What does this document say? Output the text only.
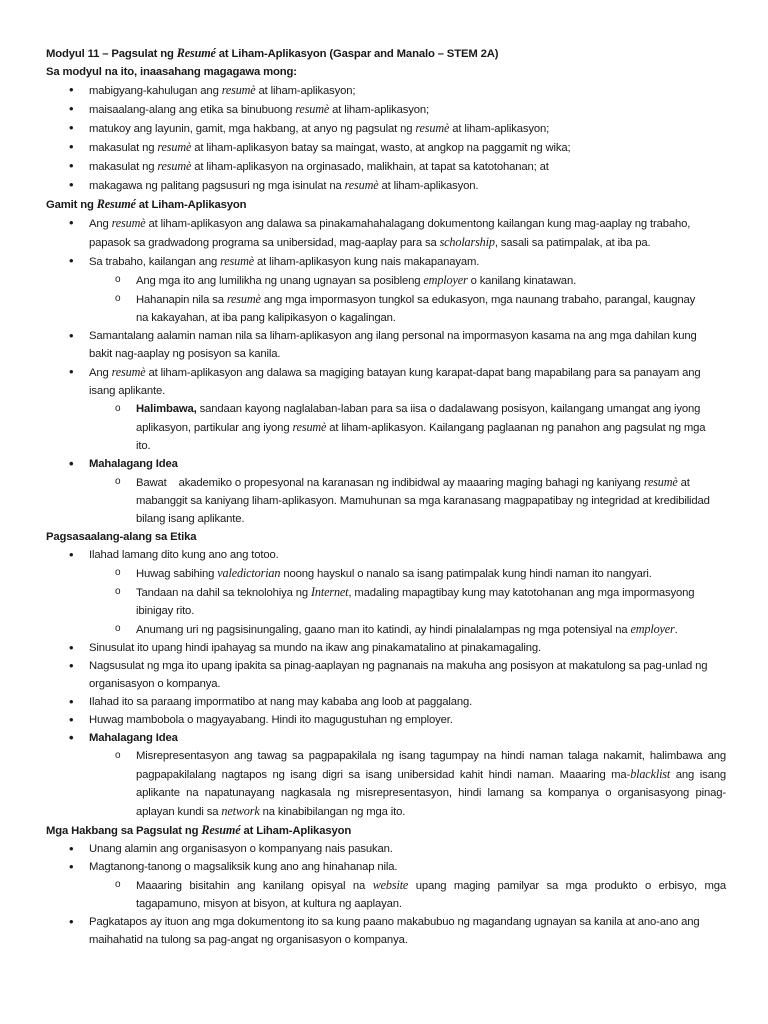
Modyul 11 – Pagsulat ng Resumé at Liham-Aplikasyon (Gaspar and Manalo – STEM 2A)
Sa modyul na ito, inaasahang magagawa mong:
•
mabigyang-kahulugan ang resumè at liham-aplikasyon;
•
maisaalang-alang ang etika sa binubuong resumè at liham-aplikasyon;
•
matukoy ang layunin, gamit, mga hakbang, at anyo ng pagsulat ng resumè at liham-aplikasyon;
•
makasulat ng resumè at liham-aplikasyon batay sa maingat, wasto, at angkop na paggamit ng wika;
•
makasulat ng resumè at liham-aplikasyon na orginasado, malikhain, at tapat sa katotohanan; at
•
makagawa ng palitang pagsusuri ng mga isinulat na resumè at liham-aplikasyon.
Gamit ng Resumé at Liham-Aplikasyon
•
Ang resumè at liham-aplikasyon ang dalawa sa pinakamahahalagang dokumentong kailangan kung mag-aaplay ng trabaho,
papasok sa gradwadong programa sa unibersidad, mag-aaplay para sa scholarship, sasali sa patimpalak, at iba pa.
•
Sa trabaho, kailangan ang resumè at liham-aplikasyon kung nais makapanayam.
o Ang mga ito ang lumilikha ng unang ugnayan sa posibleng employer o kanilang kinatawan.
o Hahanapin nila sa resumè ang mga impormasyon tungkol sa edukasyon, mga naunang trabaho, parangal, kaugnay
na kakayahan, at iba pang kalipikasyon o kagalingan.
•
Samantalang aalamin naman nila sa liham-aplikasyon ang ilang personal na impormasyon kasama na ang mga dahilan kung
bakit nag-aaplay ng posisyon sa kanila.
•
Ang resumè at liham-aplikasyon ang dalawa sa magiging batayan kung karapat-dapat bang mapabilang para sa panayam ang
isang aplikante.
o Halimbawa, sandaan kayong naglalaban-laban para sa iisa o dadalawang posisyon, kailangang umangat ang iyong
aplikasyon, partikular ang iyong resumè at liham-aplikasyon. Kailangang paglaanan ng panahon ang pagsulat ng mga
ito.
•
Mahalagang Idea
o Bawat    akademiko o propesyonal na karanasan ng indibidwal ay maaaring maging bahagi ng kaniyang resumè at
mabanggit sa kaniyang liham-aplikasyon. Mamuhunan sa mga karanasang magpapatibay ng integridad at kredibilidad
bilang isang aplikante.
Pagsasaalang-alang sa Etika
•
Ilahad lamang dito kung ano ang totoo.
o Huwag sabihing valedictorian noong hayskul o nanalo sa isang patimpalak kung hindi naman ito nangyari.
o Tandaan na dahil sa teknolohiya ng Internet, madaling mapagtibay kung may katotohanan ang mga impormasyong
ibinigay rito.
o Anumang uri ng pagsisinungaling, gaano man ito katindi, ay hindi pinalalampas ng mga potensiyal na employer.
•
Sinusulat ito upang hindi ipahayag sa mundo na ikaw ang pinakamatalino at pinakamagaling.
•
Nagsusulat ng mga ito upang ipakita sa pinag-aaplayan ng pagnanais na makuha ang posisyon at makatulong sa pag-unlad ng
organisasyon o kompanya.
•
Ilahad ito sa paraang impormatibo at nang may kababa ang loob at paggalang.
•
Huwag mambobola o magyayabang. Hindi ito magugustuhan ng employer.
•
Mahalagang Idea
o Misrepresentasyon ang tawag sa pagpapakilala ng isang tagumpay na hindi naman talaga nakamit, halimbawa ang
pagpapakilalang nagtapos ng isang digri sa isang unibersidad kahit hindi naman. Maaaring ma-blacklist ang isang
aplikante na napatunayang nagkasala ng misrepresentasyon, hindi lamang sa kompanya o organisasyong pinag-
aplayan kundi sa network na kinabibilangan ng mga ito.
Mga Hakbang sa Pagsulat ng Resumé at Liham-Aplikasyon
•
Unang alamin ang organisasyon o kompanyang nais pasukan.
•
Magtanong-tanong o magsaliksik kung ano ang hinahanap nila.
o Maaaring bisitahin ang kanilang opisyal na website upang maging pamilyar sa mga produkto o erbisyo, mga
tagapamuno, misyon at bisyon, at kultura ng aaplayan.
•
Pagkatapos ay ituon ang mga dokumentong ito sa kung paano makabubuo ng magandang ugnayan sa kanila at ano-ano ang
maihahatid na tulong sa pag-angat ng organisasyon o kompanya.
